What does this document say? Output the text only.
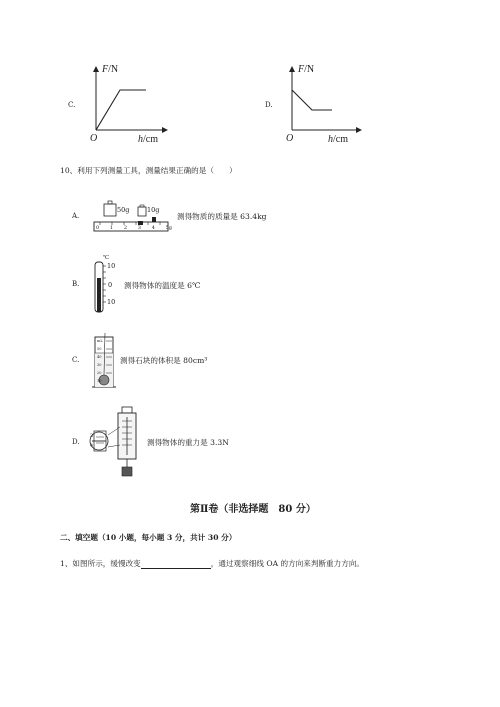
C.
F/N
O	h/cm
D.
F/N
O	h/cm
10、利用下列测量工具，测量结果正确的是（　　）
A.
50g	10g
0 1 2 3 4 5g
测得物质的质量是 63.4kg
B.
℃
10
0
10
测得物体的温度是 6℃
C.
mL
50
40
30
20
10
测得石块的体积是 80cm³
D.
3
4	测得物体的重力是 3.3N
第Ⅱ卷（非选择题　80 分）
二、填空题（10 小题，每小题 3 分，共计 30 分）
1、如图所示，缓慢改变	，通过观察细线 OA 的方向来判断重力方向。
